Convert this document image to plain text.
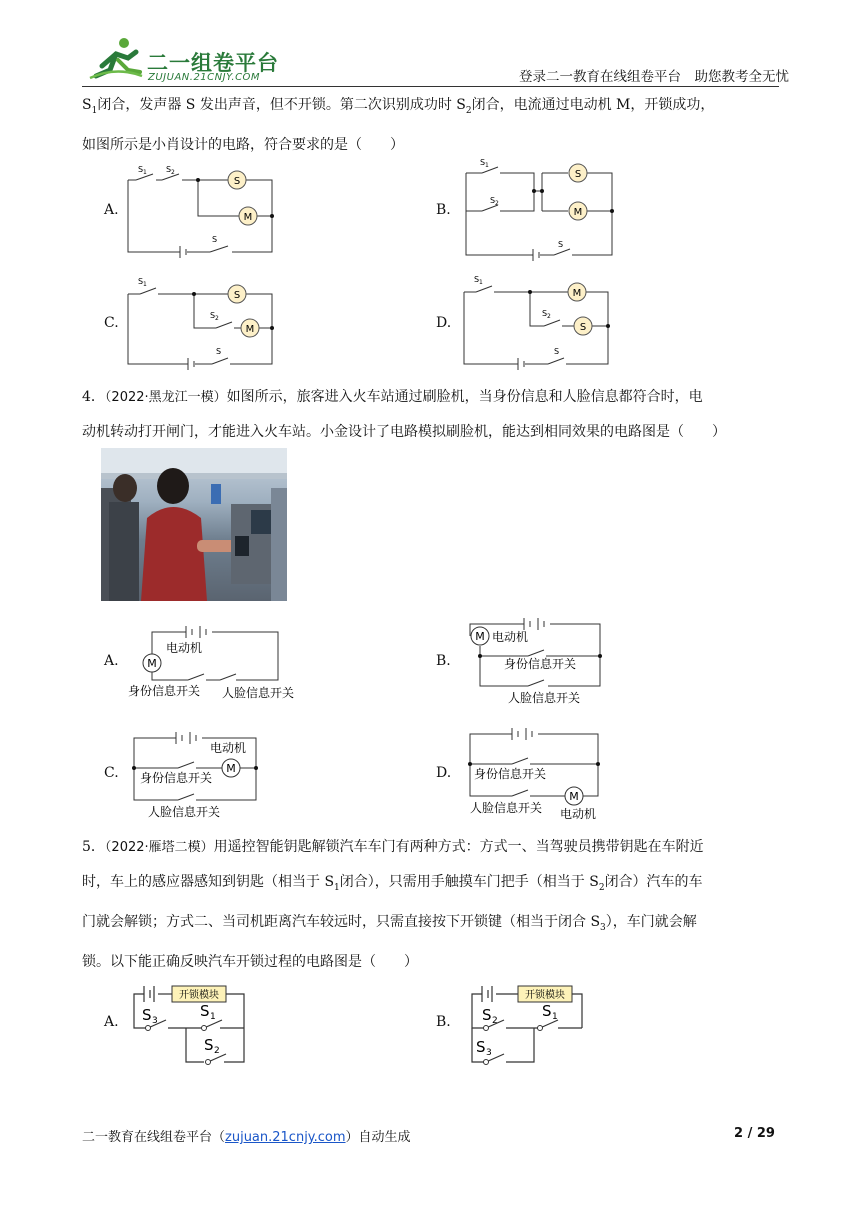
二一组卷平台
ZUJUAN.21CNJY.COM	登录二一教育在线组卷平台　助您教考全无忧
$S_1$闭合，发声器 S 发出声音，但不开锁。第二次识别成功时 $S_2$闭合，电流通过电动机 M，开锁成功，
如图所示是小肖设计的电路，符合要求的是（　　）
A.	B.
C.	D.
S
M
S 1 S 2
S
S
M
S 1
S 2
S
S
M
S 1
S 2
S
M
S
S 1
S 2
S
4．（2022·黑龙江一模）如图所示，旅客进入火车站通过刷脸机，当身份信息和人脸信息都符合时，电
动机转动打开闸门，才能进入火车站。小金设计了电路模拟刷脸机，能达到相同效果的电路图是（　　）
A.	B.
C.	D.
M
电动机
身份信息开关 人脸信息开关
M 电动机
身份信息开关
人脸信息开关
M
电动机
身份信息开关
人脸信息开关
M
身份信息开关
人脸信息开关 电动机
5．（2022·雁塔二模）用遥控智能钥匙解锁汽车车门有两种方式：方式一、当驾驶员携带钥匙在车附近
时，车上的感应器感知到钥匙（相当于 $S_1$闭合），只需用手触摸车门把手（相当于 $S_2$闭合）汽车的车
门就会解锁；方式二、当司机距离汽车较远时，只需直接按下开锁键（相当于闭合 $S_3$），车门就会解
锁。以下能正确反映汽车开锁过程的电路图是（　　）
A.	B.
开锁模块
S 3
S 1
S 2
开锁模块
S 2
S 1
S 3
二一教育在线组卷平台（zujuan.21cnjy.com）自动生成	2 / 29
